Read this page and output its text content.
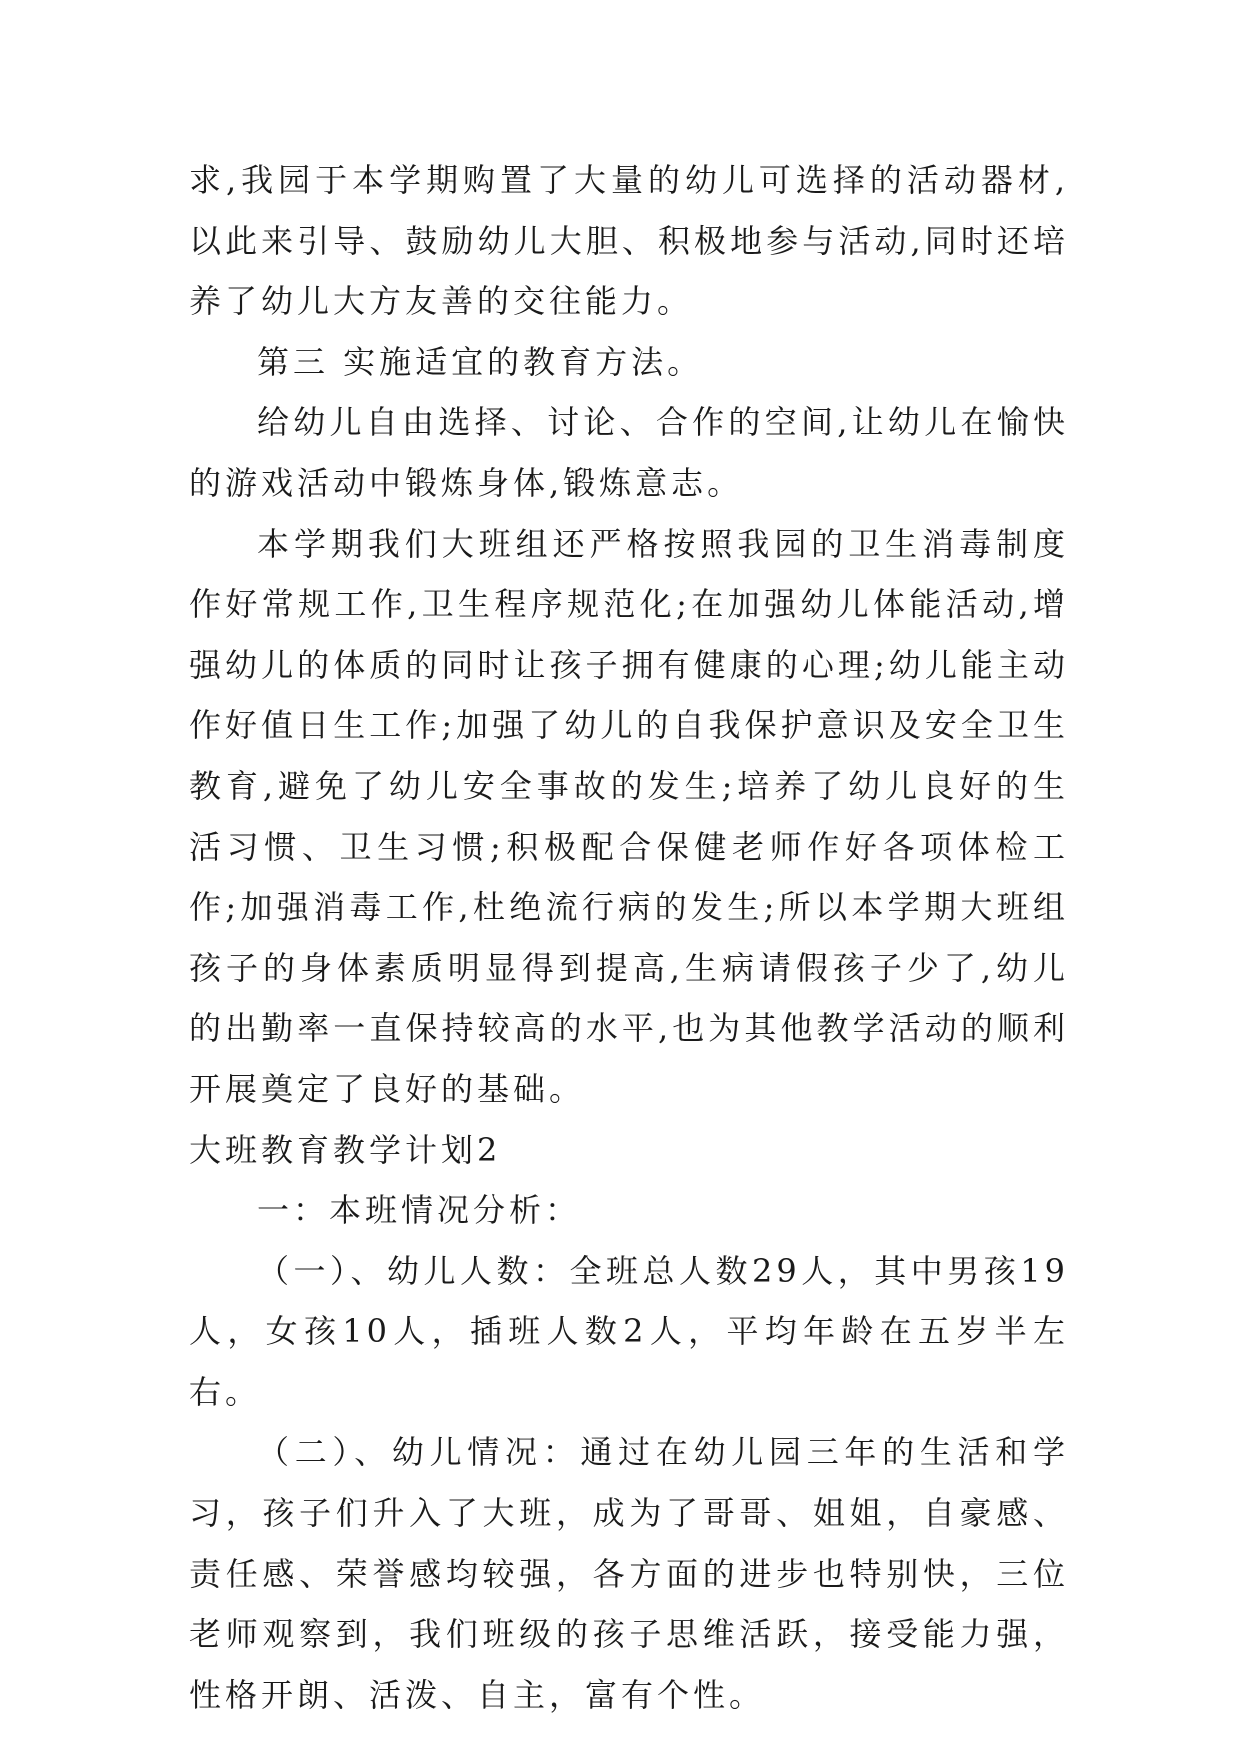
求,我园于本学期购置了大量的幼儿可选择的活动器材,以此来引导、鼓励幼儿大胆、积极地参与活动,同时还培养了幼儿大方友善的交往能力。

第三 实施适宜的教育方法。

给幼儿自由选择、讨论、合作的空间,让幼儿在愉快的游戏活动中锻炼身体,锻炼意志。

本学期我们大班组还严格按照我园的卫生消毒制度作好常规工作,卫生程序规范化;在加强幼儿体能活动,增强幼儿的体质的同时让孩子拥有健康的心理;幼儿能主动作好值日生工作;加强了幼儿的自我保护意识及安全卫生教育,避免了幼儿安全事故的发生;培养了幼儿良好的生活习惯、卫生习惯;积极配合保健老师作好各项体检工作;加强消毒工作,杜绝流行病的发生;所以本学期大班组孩子的身体素质明显得到提高,生病请假孩子少了,幼儿的出勤率一直保持较高的水平,也为其他教学活动的顺利开展奠定了良好的基础。

大班教育教学计划2

一：本班情况分析：

（一）、幼儿人数：全班总人数29人，其中男孩19人，女孩10人，插班人数2人，平均年龄在五岁半左右。

（二）、幼儿情况：通过在幼儿园三年的生活和学习，孩子们升入了大班，成为了哥哥、姐姐，自豪感、责任感、荣誉感均较强，各方面的进步也特别快，三位老师观察到，我们班级的孩子思维活跃，接受能力强，性格开朗、活泼、自主，富有个性。
